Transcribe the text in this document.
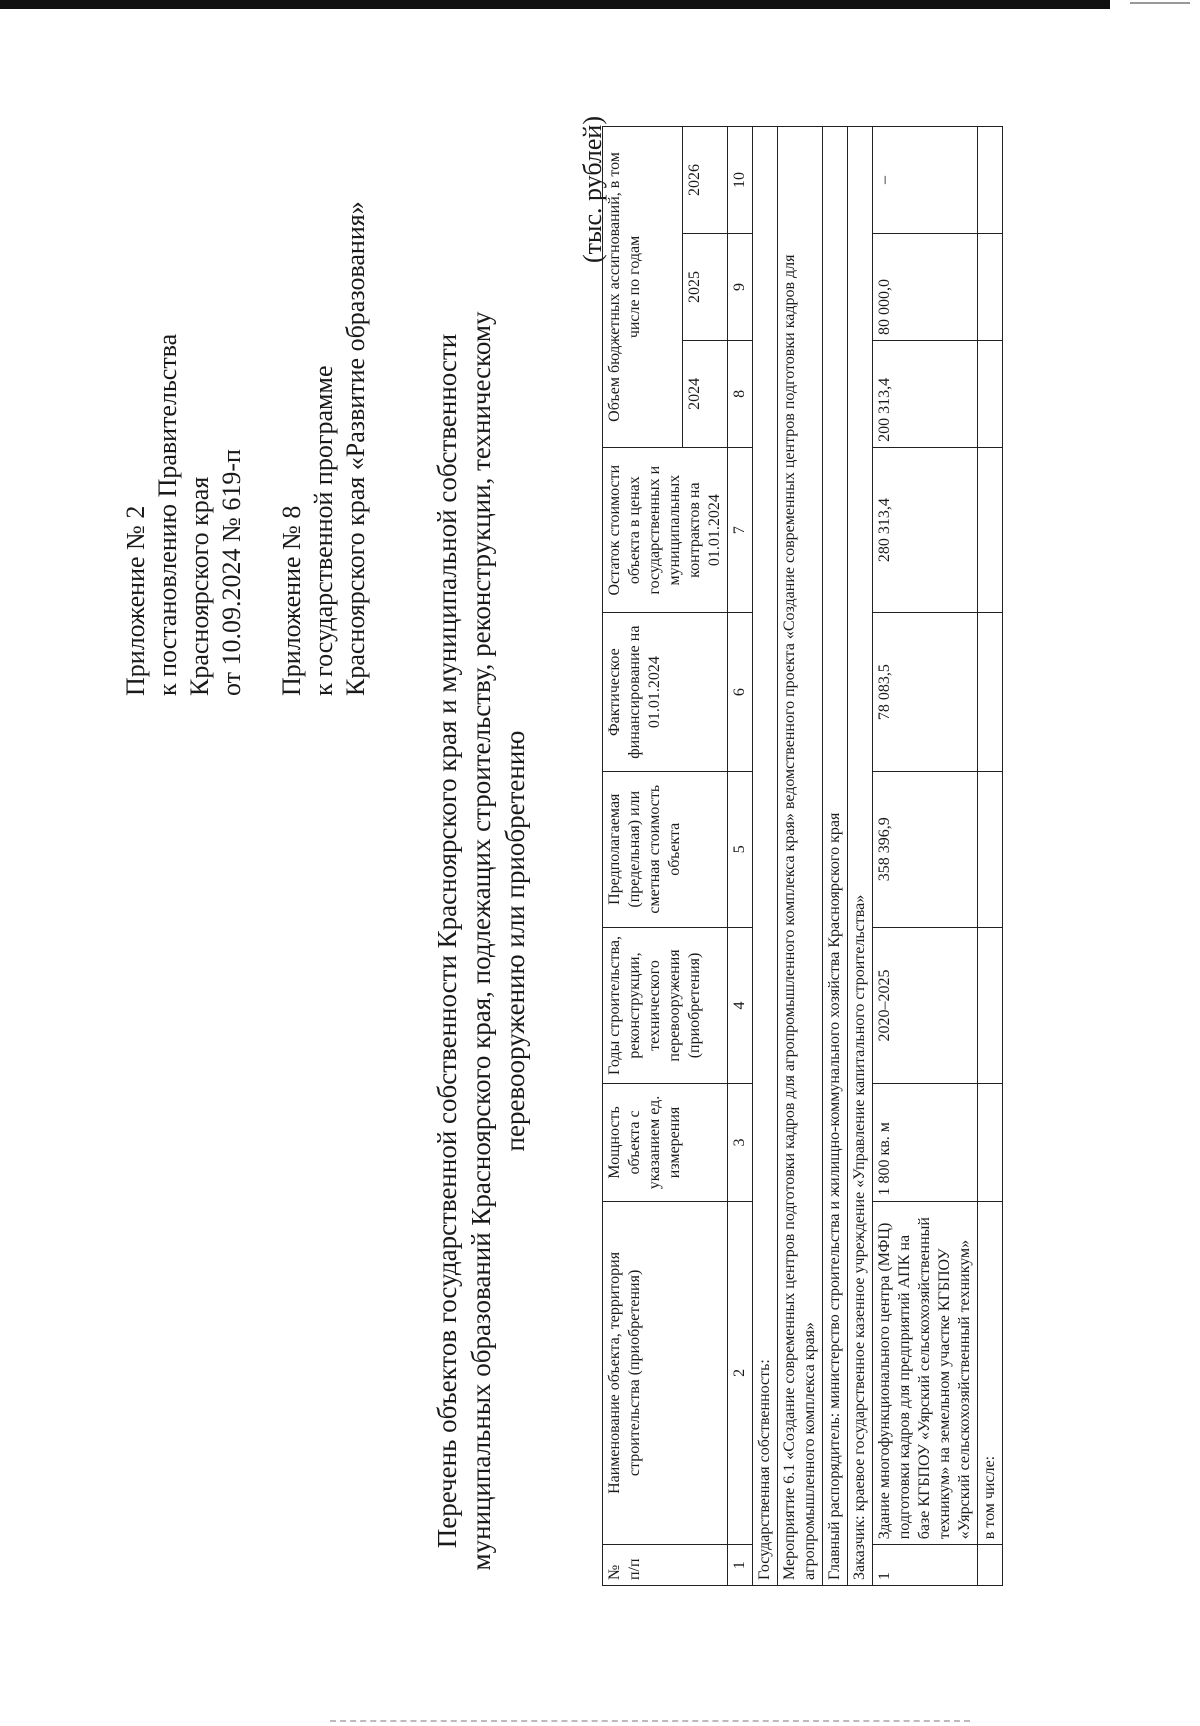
Приложение № 2 к постановлению Правительства Красноярского края от 10.09.2024 № 619-п Приложение № 8 к государственной программе Красноярского края «Развитие образования» Перечень объектов государственной собственности Красноярского края и муниципальной собственности муниципальных образований Красноярского края, подлежащих строительству, реконструкции, техническому перевооружению или приобретению
(тыс. рублей)
№ п/п	Наименование объекта, территория строительства (приобретения)	Мощность объекта с указанием ед. измерения	Годы строительства, реконструкции, технического перевооружения (приобретения)	Предполагаемая (предельная) или сметная стоимость объекта	Фактическое финансирование на 01.01.2024	Остаток стоимости объекта в ценах государственных и муниципальных контрактов на 01.01.2024	Объем бюджетных ассигнований, в том числе по годам		
							2024	2025	2026
1	2	3	4	5	6	7	8	9	10
Государственная собственность:									
Мероприятие 6.1 «Создание современных центров подготовки кадров для агропромышленного комплекса края» ведомственного проекта «Создание современных центров подготовки кадров для агропромышленного комплекса края»									
Главный распорядитель: министерство строительства и жилищно-коммунального хозяйства Красноярского края									
Заказчик: краевое государственное казенное учреждение «Управление капитального строительства»									
1	Здание многофункционального центра (МФЦ) подготовки кадров для предприятий АПК на базе КГБПОУ «Уярский сельскохозяйственный техникум» на земельном участке КГБПОУ «Уярский сельскохозяйственный техникум»	1 800 кв. м	2020–2025	358 396,9	78 083,5	280 313,4	200 313,4	80 000,0	–
	в том числе:								
